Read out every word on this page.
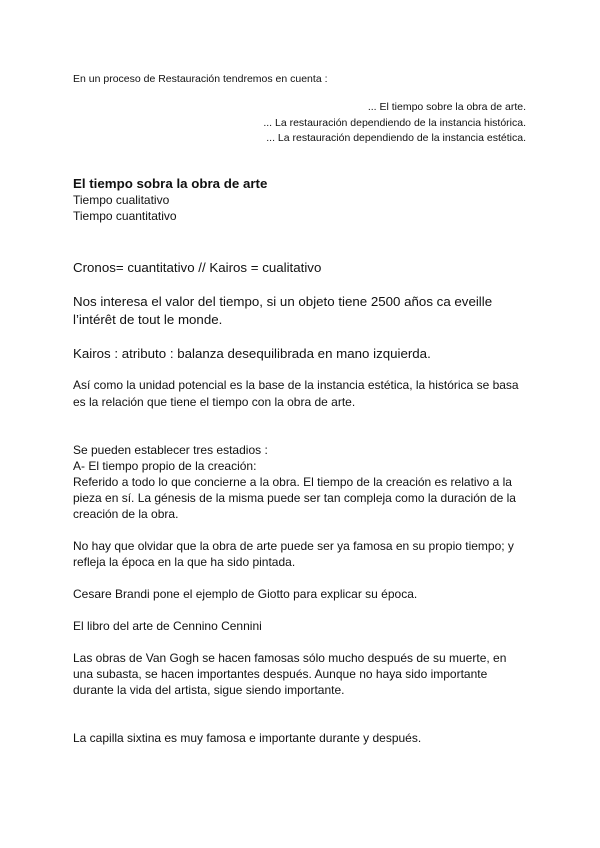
En un proceso de Restauración tendremos en cuenta :
... El tiempo sobre la obra de arte.
... La restauración dependiendo de la instancia histórica.
... La restauración dependiendo de la instancia estética.
El tiempo sobra la obra de arte
Tiempo cualitativo
Tiempo cuantitativo
Cronos= cuantitativo // Kairos = cualitativo
Nos interesa el valor del tiempo, si un objeto tiene 2500 años ca eveille
l’intérêt de tout le monde.
Kairos : atributo : balanza desequilibrada en mano izquierda.
Así como la unidad potencial es la base de la instancia estética, la histórica se basa
es la relación que tiene el tiempo con la obra de arte.
Se pueden establecer tres estadios :
A- El tiempo propio de la creación:
Referido a todo lo que concierne a la obra. El tiempo de la creación es relativo a la
pieza en sí. La génesis de la misma puede ser tan compleja como la duración de la
creación de la obra.
No hay que olvidar que la obra de arte puede ser ya famosa en su propio tiempo; y
refleja la época en la que ha sido pintada.
Cesare Brandi pone el ejemplo de Giotto para explicar su época.
El libro del arte de Cennino Cennini
Las obras de Van Gogh se hacen famosas sólo mucho después de su muerte, en
una subasta, se hacen importantes después. Aunque no haya sido importante
durante la vida del artista, sigue siendo importante.
La capilla sixtina es muy famosa e importante durante y después.
